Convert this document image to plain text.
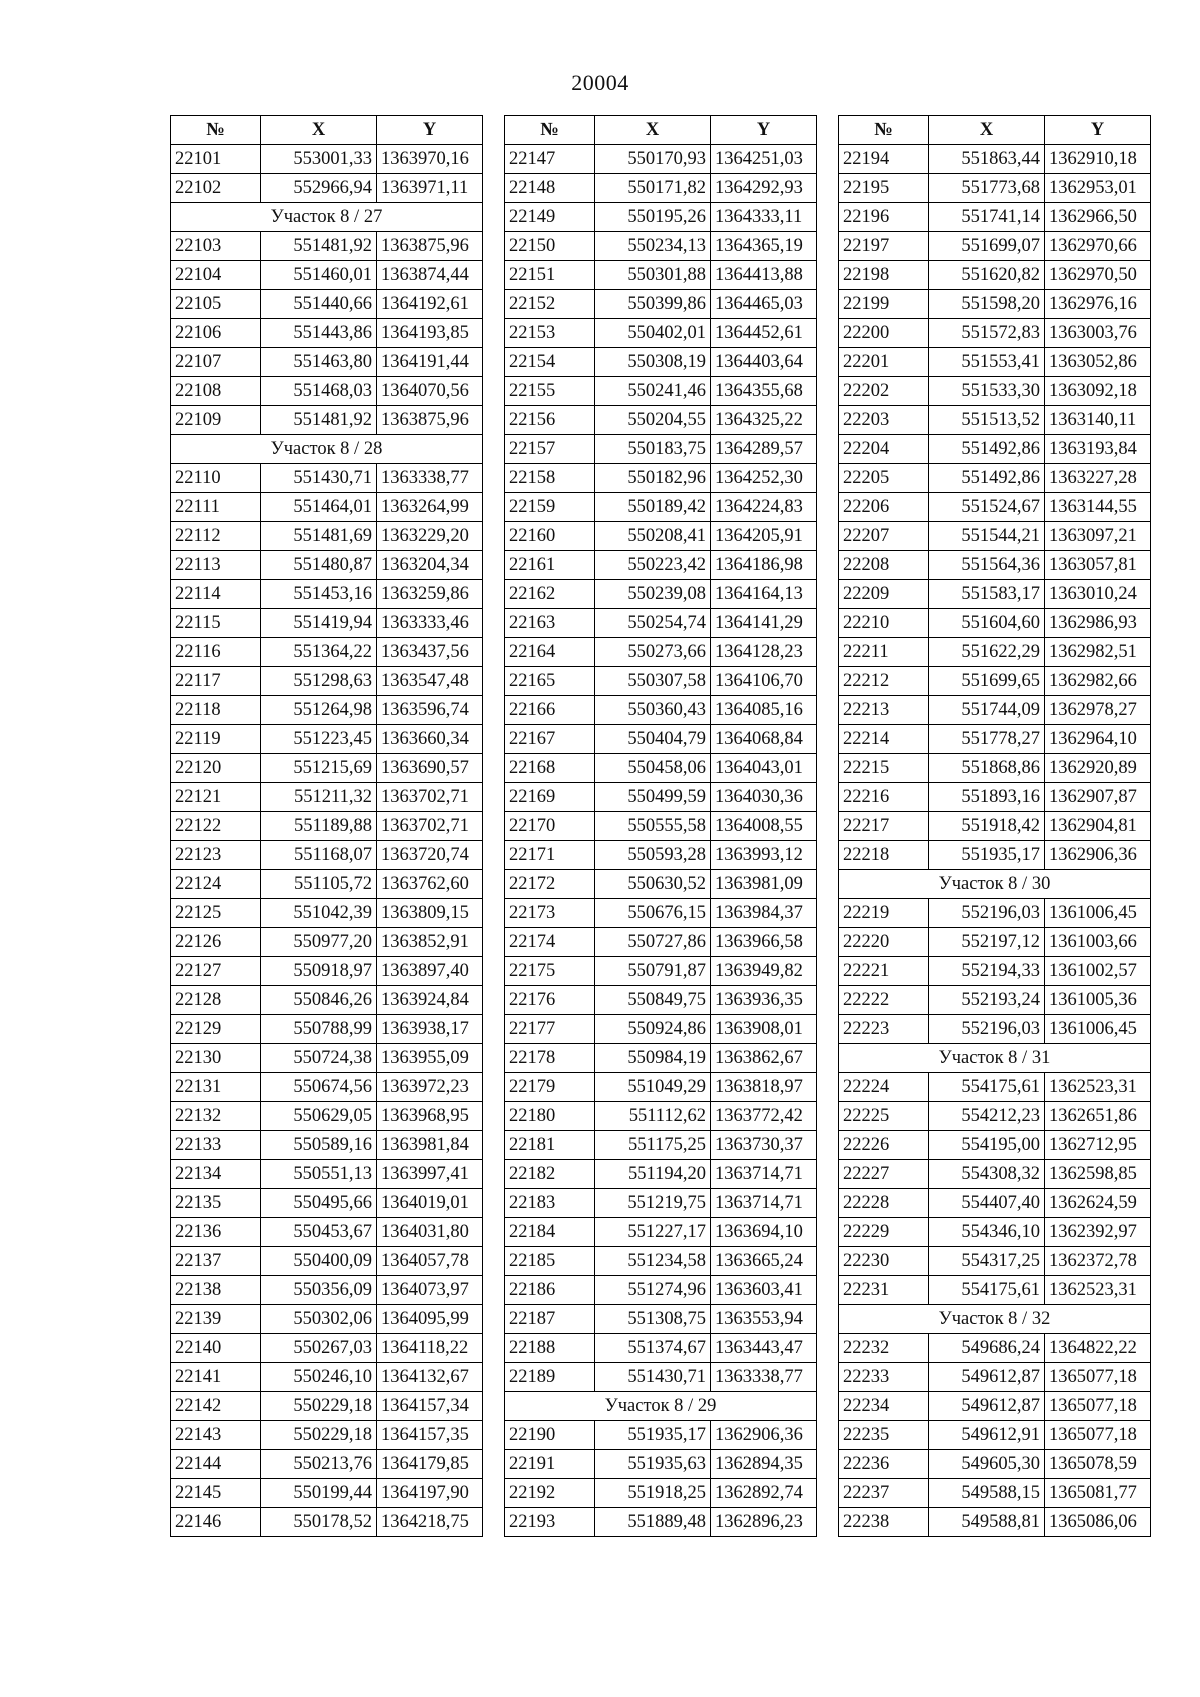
20004
№	X	Y
22101	553001,33	1363970,16
22102	552966,94	1363971,11
Участок 8 / 27		
22103	551481,92	1363875,96
22104	551460,01	1363874,44
22105	551440,66	1364192,61
22106	551443,86	1364193,85
22107	551463,80	1364191,44
22108	551468,03	1364070,56
22109	551481,92	1363875,96
Участок 8 / 28		
22110	551430,71	1363338,77
22111	551464,01	1363264,99
22112	551481,69	1363229,20
22113	551480,87	1363204,34
22114	551453,16	1363259,86
22115	551419,94	1363333,46
22116	551364,22	1363437,56
22117	551298,63	1363547,48
22118	551264,98	1363596,74
22119	551223,45	1363660,34
22120	551215,69	1363690,57
22121	551211,32	1363702,71
22122	551189,88	1363702,71
22123	551168,07	1363720,74
22124	551105,72	1363762,60
22125	551042,39	1363809,15
22126	550977,20	1363852,91
22127	550918,97	1363897,40
22128	550846,26	1363924,84
22129	550788,99	1363938,17
22130	550724,38	1363955,09
22131	550674,56	1363972,23
22132	550629,05	1363968,95
22133	550589,16	1363981,84
22134	550551,13	1363997,41
22135	550495,66	1364019,01
22136	550453,67	1364031,80
22137	550400,09	1364057,78
22138	550356,09	1364073,97
22139	550302,06	1364095,99
22140	550267,03	1364118,22
22141	550246,10	1364132,67
22142	550229,18	1364157,34
22143	550229,18	1364157,35
22144	550213,76	1364179,85
22145	550199,44	1364197,90
22146	550178,52	1364218,75
№	X	Y
22147	550170,93	1364251,03
22148	550171,82	1364292,93
22149	550195,26	1364333,11
22150	550234,13	1364365,19
22151	550301,88	1364413,88
22152	550399,86	1364465,03
22153	550402,01	1364452,61
22154	550308,19	1364403,64
22155	550241,46	1364355,68
22156	550204,55	1364325,22
22157	550183,75	1364289,57
22158	550182,96	1364252,30
22159	550189,42	1364224,83
22160	550208,41	1364205,91
22161	550223,42	1364186,98
22162	550239,08	1364164,13
22163	550254,74	1364141,29
22164	550273,66	1364128,23
22165	550307,58	1364106,70
22166	550360,43	1364085,16
22167	550404,79	1364068,84
22168	550458,06	1364043,01
22169	550499,59	1364030,36
22170	550555,58	1364008,55
22171	550593,28	1363993,12
22172	550630,52	1363981,09
22173	550676,15	1363984,37
22174	550727,86	1363966,58
22175	550791,87	1363949,82
22176	550849,75	1363936,35
22177	550924,86	1363908,01
22178	550984,19	1363862,67
22179	551049,29	1363818,97
22180	551112,62	1363772,42
22181	551175,25	1363730,37
22182	551194,20	1363714,71
22183	551219,75	1363714,71
22184	551227,17	1363694,10
22185	551234,58	1363665,24
22186	551274,96	1363603,41
22187	551308,75	1363553,94
22188	551374,67	1363443,47
22189	551430,71	1363338,77
Участок 8 / 29		
22190	551935,17	1362906,36
22191	551935,63	1362894,35
22192	551918,25	1362892,74
22193	551889,48	1362896,23
№	X	Y
22194	551863,44	1362910,18
22195	551773,68	1362953,01
22196	551741,14	1362966,50
22197	551699,07	1362970,66
22198	551620,82	1362970,50
22199	551598,20	1362976,16
22200	551572,83	1363003,76
22201	551553,41	1363052,86
22202	551533,30	1363092,18
22203	551513,52	1363140,11
22204	551492,86	1363193,84
22205	551492,86	1363227,28
22206	551524,67	1363144,55
22207	551544,21	1363097,21
22208	551564,36	1363057,81
22209	551583,17	1363010,24
22210	551604,60	1362986,93
22211	551622,29	1362982,51
22212	551699,65	1362982,66
22213	551744,09	1362978,27
22214	551778,27	1362964,10
22215	551868,86	1362920,89
22216	551893,16	1362907,87
22217	551918,42	1362904,81
22218	551935,17	1362906,36
Участок 8 / 30		
22219	552196,03	1361006,45
22220	552197,12	1361003,66
22221	552194,33	1361002,57
22222	552193,24	1361005,36
22223	552196,03	1361006,45
Участок 8 / 31		
22224	554175,61	1362523,31
22225	554212,23	1362651,86
22226	554195,00	1362712,95
22227	554308,32	1362598,85
22228	554407,40	1362624,59
22229	554346,10	1362392,97
22230	554317,25	1362372,78
22231	554175,61	1362523,31
Участок 8 / 32		
22232	549686,24	1364822,22
22233	549612,87	1365077,18
22234	549612,87	1365077,18
22235	549612,91	1365077,18
22236	549605,30	1365078,59
22237	549588,15	1365081,77
22238	549588,81	1365086,06
